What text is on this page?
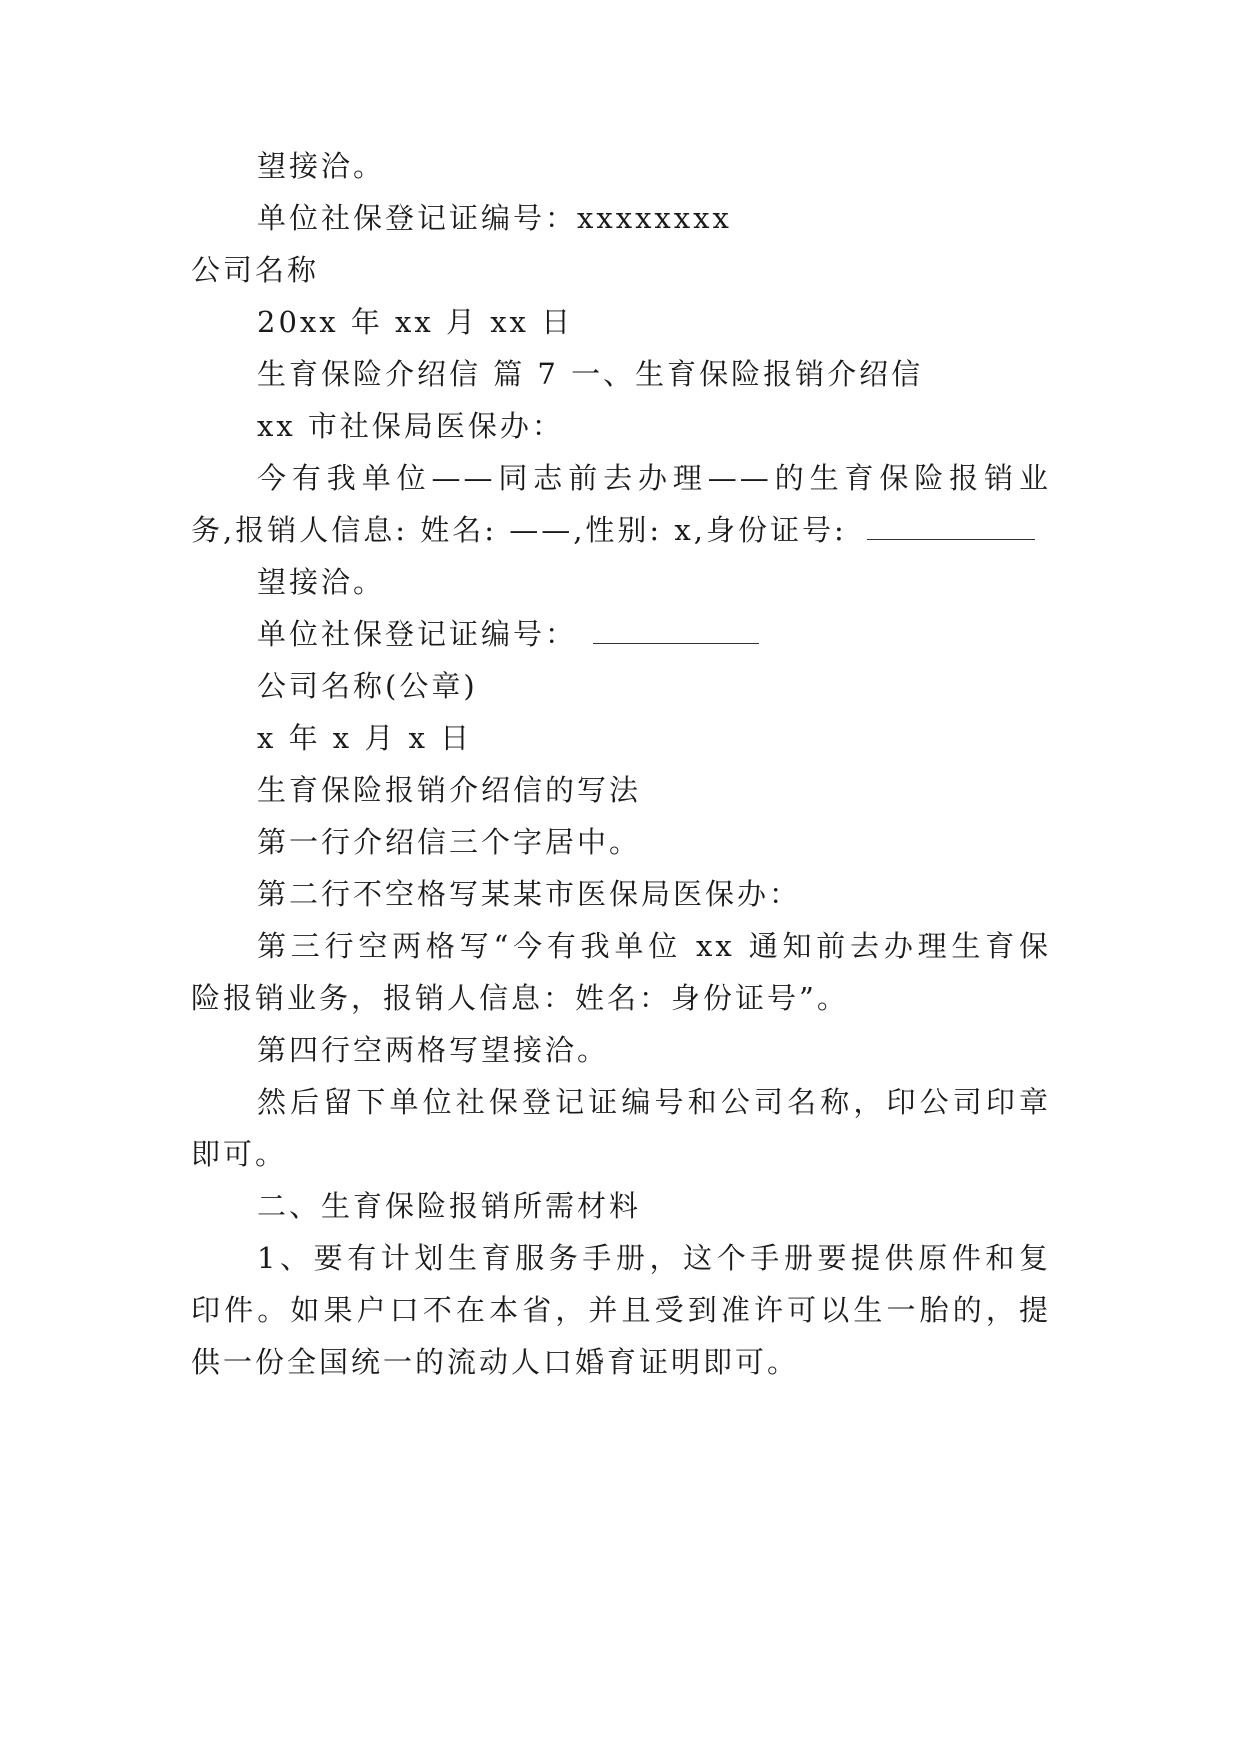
望接洽。
单位社保登记证编号：xxxxxxxx
公司名称
20xx 年 xx 月 xx 日
生育保险介绍信 篇 7 一、生育保险报销介绍信
xx 市社保局医保办：
今有我单位——同志前去办理——的生育保险报销业
务,报销人信息: 姓名: ——,性别: x,身份证号:
望接洽。
单位社保登记证编号：
公司名称(公章)
x 年 x 月 x 日
生育保险报销介绍信的写法
第一行介绍信三个字居中。
第二行不空格写某某市医保局医保办：
第三行空两格写“今有我单位 xx 通知前去办理生育保
险报销业务，报销人信息：姓名：身份证号”。
第四行空两格写望接洽。
然后留下单位社保登记证编号和公司名称，印公司印章
即可。
二、生育保险报销所需材料
1、要有计划生育服务手册，这个手册要提供原件和复
印件。如果户口不在本省，并且受到准许可以生一胎的，提
供一份全国统一的流动人口婚育证明即可。
